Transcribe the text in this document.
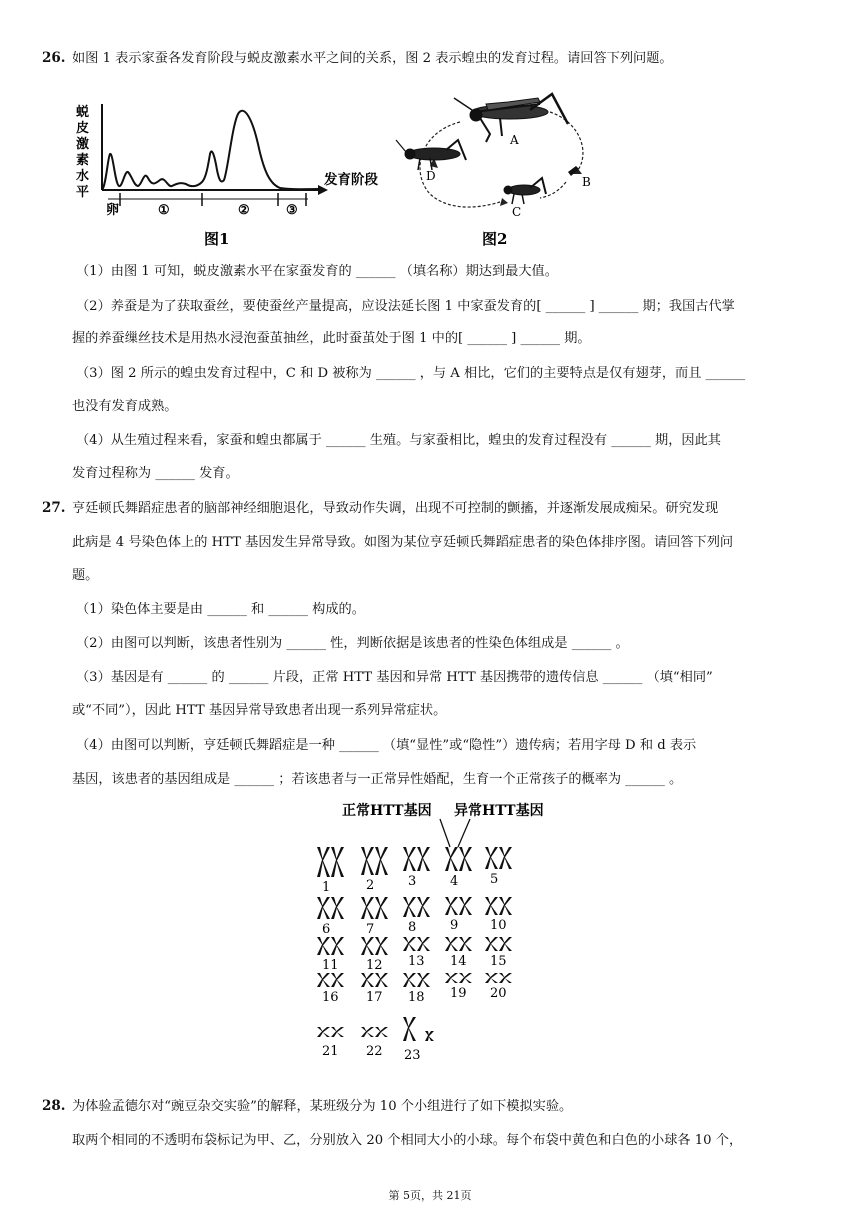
26. 如图 1 表示家蚕各发育阶段与蜕皮激素水平之间的关系，图 2 表示蝗虫的发育过程。请回答下列问题。
蜕
皮
激
素
水
平
发育阶段
卵	①	②	③
图1
A
B
C
D
图2
（1）由图 1 可知，蜕皮激素水平在家蚕发育的 ______ （填名称）期达到最大值。
（2）养蚕是为了获取蚕丝，要使蚕丝产量提高，应设法延长图 1 中家蚕发育的[ ______ ] ______ 期；我国古代掌
握的养蚕缫丝技术是用热水浸泡蚕茧抽丝，此时蚕茧处于图 1 中的[ ______ ] ______ 期。
（3）图 2 所示的蝗虫发育过程中，C 和 D 被称为 ______ ，与 A 相比，它们的主要特点是仅有翅芽，而且 ______
也没有发育成熟。
（4）从生殖过程来看，家蚕和蝗虫都属于 ______ 生殖。与家蚕相比，蝗虫的发育过程没有 ______ 期，因此其
发育过程称为 ______ 发育。
27. 亨廷顿氏舞蹈症患者的脑部神经细胞退化，导致动作失调，出现不可控制的颤搐，并逐渐发展成痴呆。研究发现
此病是 4 号染色体上的 HTT 基因发生异常导致。如图为某位亨廷顿氏舞蹈症患者的染色体排序图。请回答下列问
题。
（1）染色体主要是由 ______ 和 ______ 构成的。
（2）由图可以判断，该患者性别为 ______ 性，判断依据是该患者的性染色体组成是 ______ 。
（3）基因是有 ______ 的 ______ 片段，正常 HTT 基因和异常 HTT 基因携带的遗传信息 ______ （填“相同”
或“不同”），因此 HTT 基因异常导致患者出现一系列异常症状。
（4）由图可以判断，亨廷顿氏舞蹈症是一种 ______ （填“显性”或“隐性”）遗传病；若用字母 D 和 d 表示
基因，该患者的基因组成是 ______ ；若该患者与一正常异性婚配，生育一个正常孩子的概率为 ______ 。
正常HTT基因 异常HTT基因
1	2	3	4 5
6	7	8	9 10
11 12 13 14 15
16 17 18 19 20
21 22 23
28. 为体验孟德尔对“豌豆杂交实验”的解释，某班级分为 10 个小组进行了如下模拟实验。
取两个相同的不透明布袋标记为甲、乙，分别放入 20 个相同大小的小球。每个布袋中黄色和白色的小球各 10 个，
第 5页，共 21页
